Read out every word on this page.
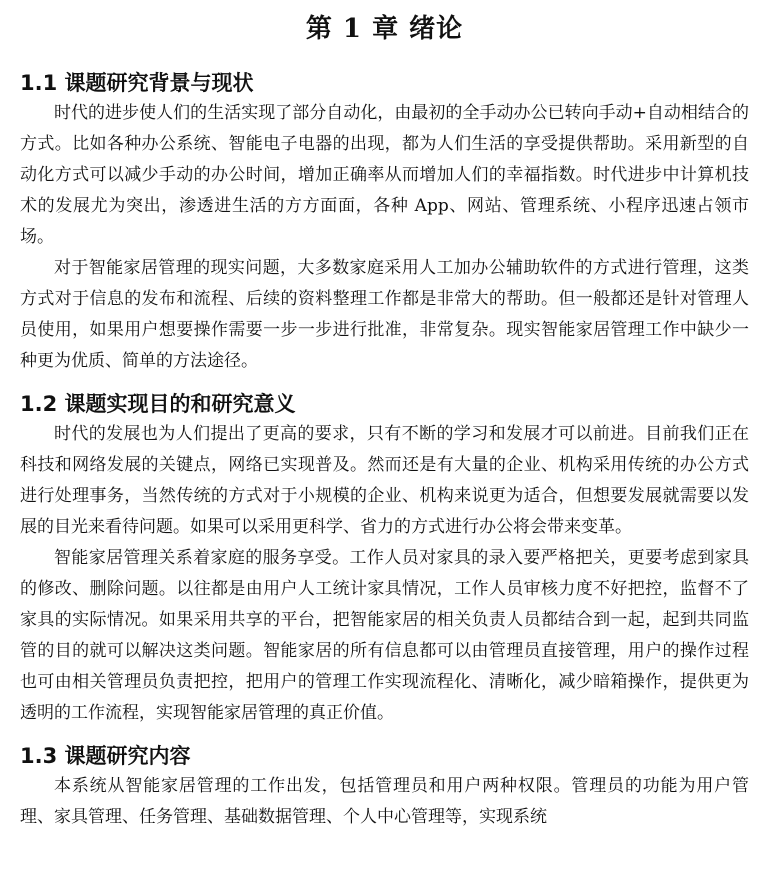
第 1 章 绪论
1.1 课题研究背景与现状

时代的进步使人们的生活实现了部分自动化，由最初的全手动办公已转向手动+自动相结合的方式。比如各种办公系统、智能电子电器的出现，都为人们生活的享受提供帮助。采用新型的自动化方式可以减少手动的办公时间，增加正确率从而增加人们的幸福指数。时代进步中计算机技术的发展尤为突出，渗透进生活的方方面面，各种 App、网站、管理系统、小程序迅速占领市场。

对于智能家居管理的现实问题，大多数家庭采用人工加办公辅助软件的方式进行管理，这类方式对于信息的发布和流程、后续的资料整理工作都是非常大的帮助。但一般都还是针对管理人员使用，如果用户想要操作需要一步一步进行批准，非常复杂。现实智能家居管理工作中缺少一种更为优质、简单的方法途径。

1.2 课题实现目的和研究意义

时代的发展也为人们提出了更高的要求，只有不断的学习和发展才可以前进。目前我们正在科技和网络发展的关键点，网络已实现普及。然而还是有大量的企业、机构采用传统的办公方式进行处理事务，当然传统的方式对于小规模的企业、机构来说更为适合，但想要发展就需要以发展的目光来看待问题。如果可以采用更科学、省力的方式进行办公将会带来变革。

智能家居管理关系着家庭的服务享受。工作人员对家具的录入要严格把关，更要考虑到家具的修改、删除问题。以往都是由用户人工统计家具情况，工作人员审核力度不好把控，监督不了家具的实际情况。如果采用共享的平台，把智能家居的相关负责人员都结合到一起，起到共同监管的目的就可以解决这类问题。智能家居的所有信息都可以由管理员直接管理，用户的操作过程也可由相关管理员负责把控，把用户的管理工作实现流程化、清晰化，减少暗箱操作，提供更为透明的工作流程，实现智能家居管理的真正价值。

1.3 课题研究内容

本系统从智能家居管理的工作出发，包括管理员和用户两种权限。管理员的功能为用户管理、家具管理、任务管理、基础数据管理、个人中心管理等，实现系统
